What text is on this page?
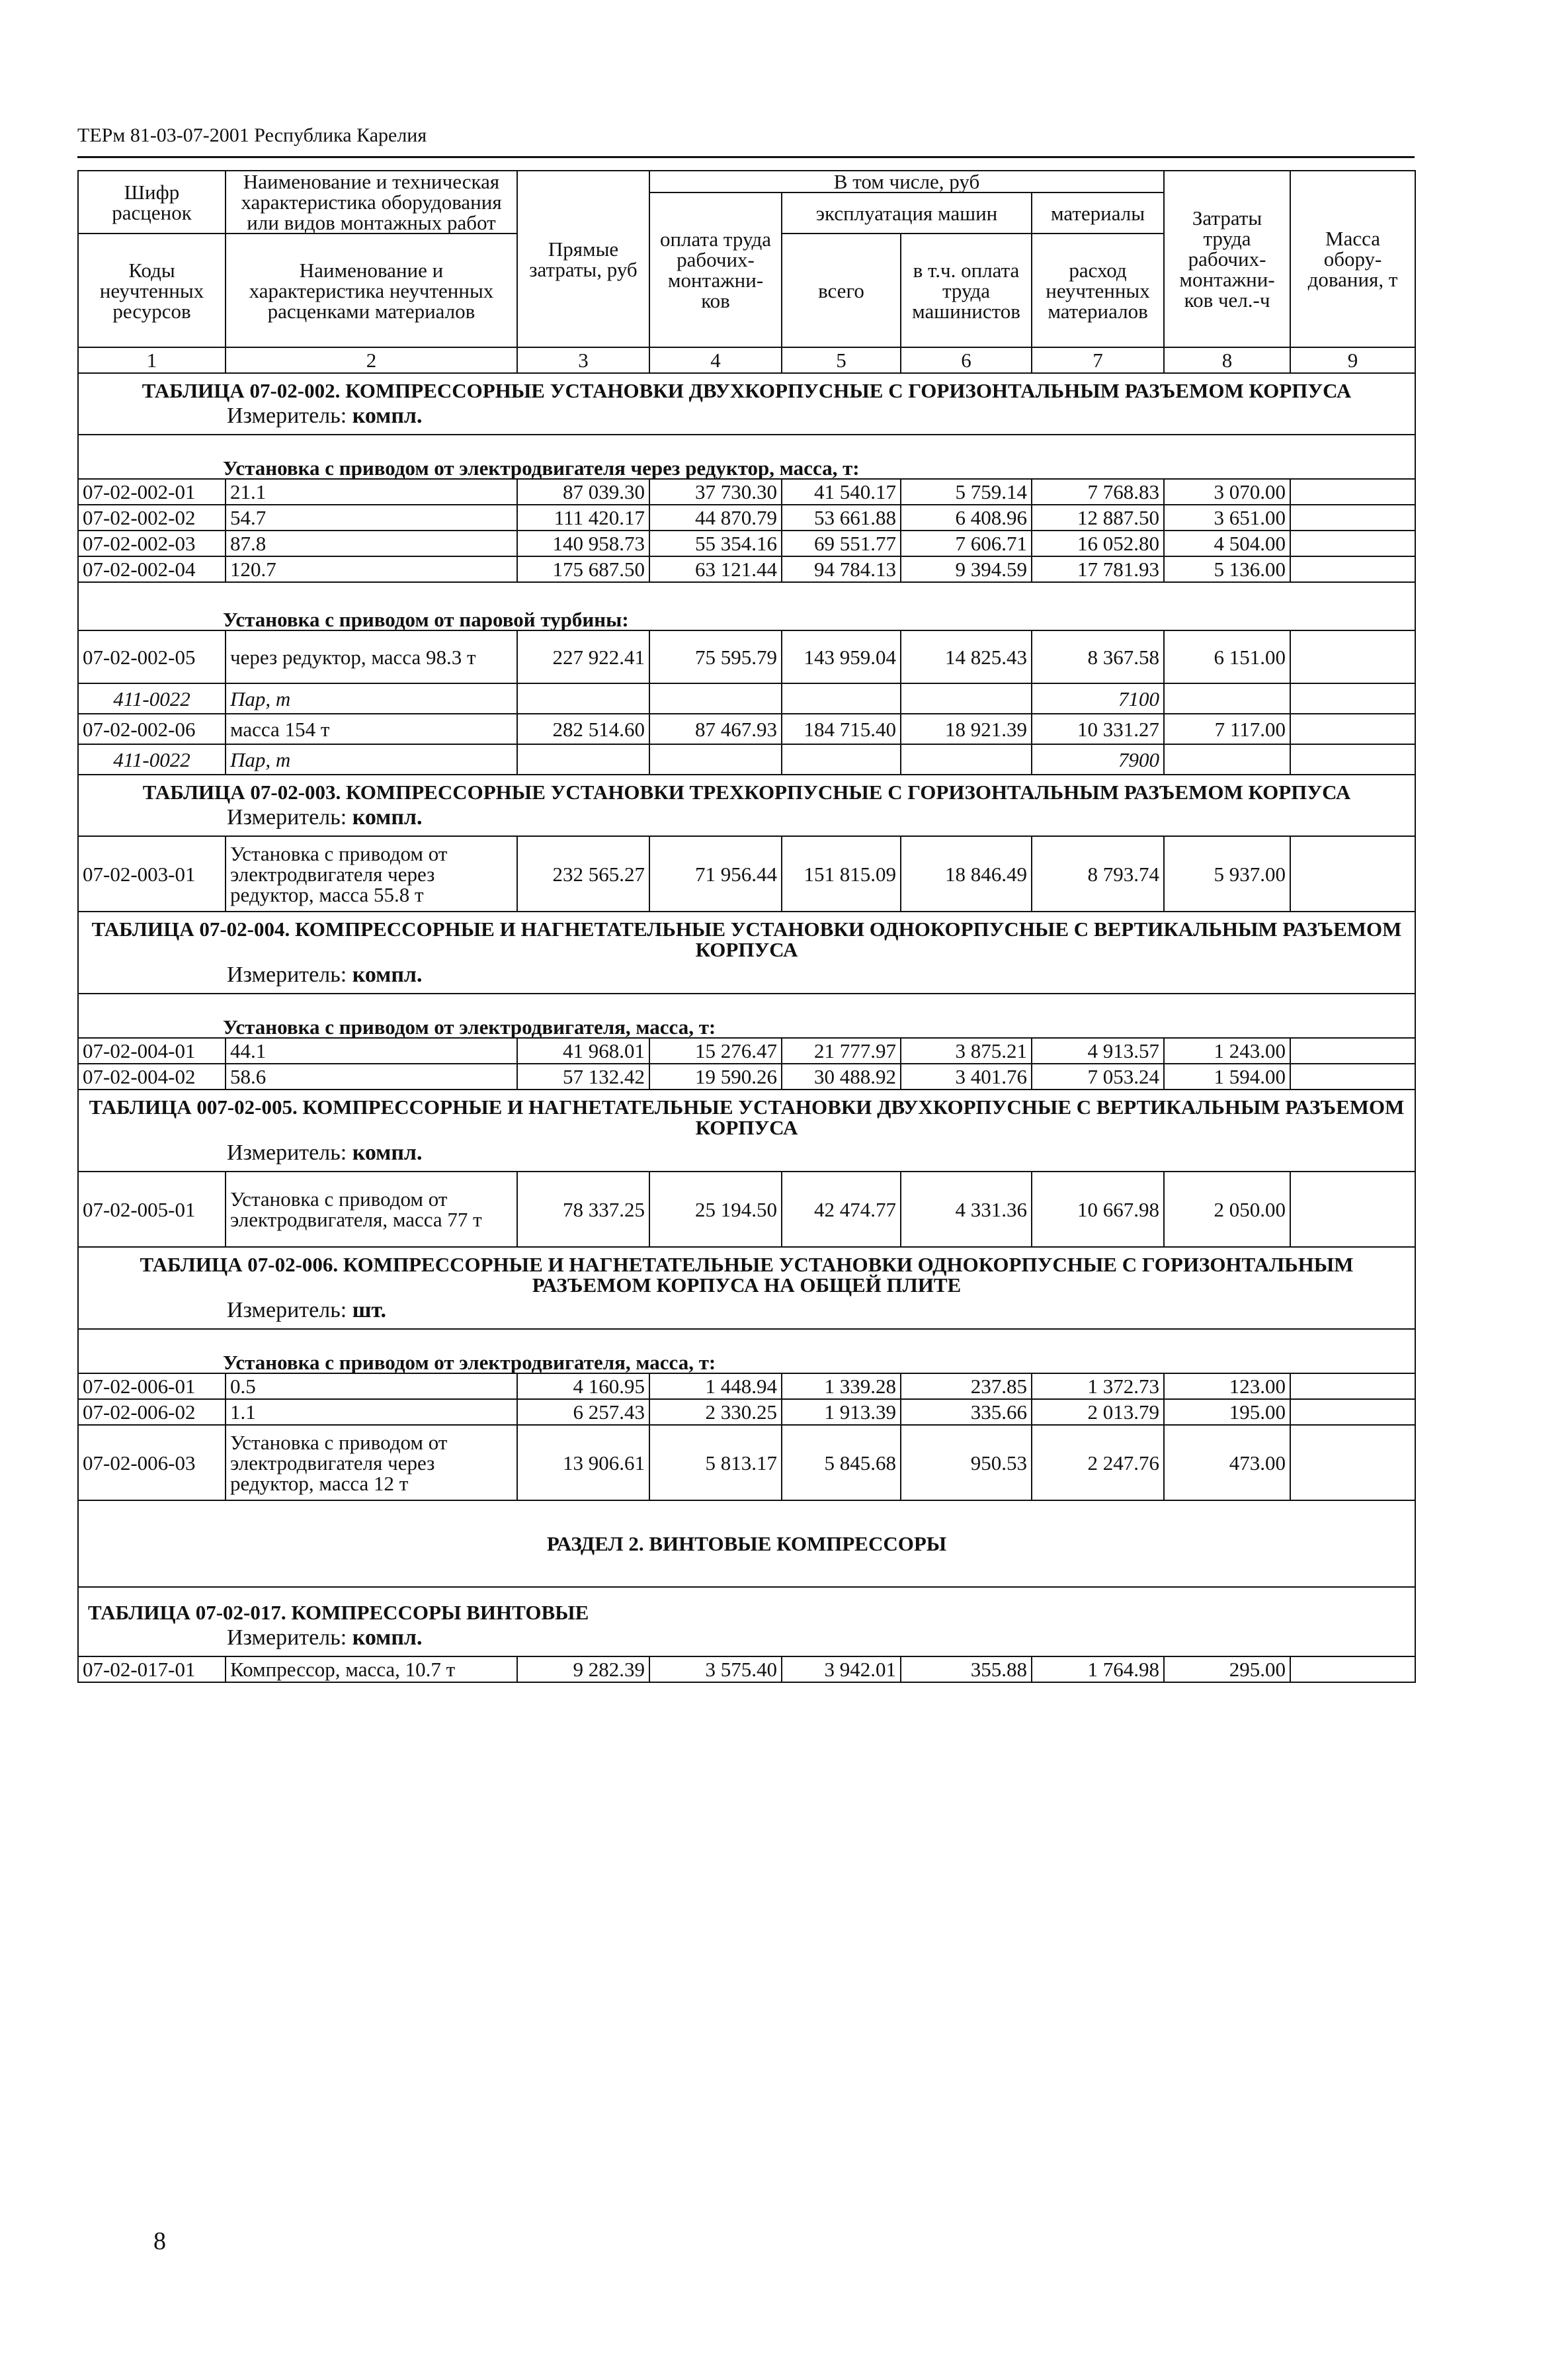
ТЕРм 81-03-07-2001 Республика Карелия
Шифр расценок	Наименование и техническая характеристика оборудования или видов монтажных работ	Прямые затраты, руб	В том числе, руб				Затраты труда рабочих-монтажни-ков чел.-ч	Масса обору-дования, т
			оплата труда рабочих-монтажни-ков	эксплуатация машин		материалы		
Коды неучтенных ресурсов	Наименование и характеристика неучтенных расценками материалов			всего	в т.ч. оплата труда машинистов	расход неучтенных материалов		

1	2	3	4	5	6	7	8	9

ТАБЛИЦА 07-02-002. КОМПРЕССОРНЫЕ УСТАНОВКИ ДВУХКОРПУСНЫЕ С ГОРИЗОНТАЛЬНЫМ РАЗЪЕМОМ КОРПУСА
Измеритель: компл.								

Установка с приводом от электродвигателя через редуктор, масса, т:								
07-02-002-01	21.1	87 039.30	37 730.30	41 540.17	5 759.14	7 768.83	3 070.00	
07-02-002-02	54.7	111 420.17	44 870.79	53 661.88	6 408.96	12 887.50	3 651.00	
07-02-002-03	87.8	140 958.73	55 354.16	69 551.77	7 606.71	16 052.80	4 504.00	
07-02-002-04	120.7	175 687.50	63 121.44	94 784.13	9 394.59	17 781.93	5 136.00	
Установка с приводом от паровой турбины:								
07-02-002-05	через редуктор, масса 98.3 т	227 922.41	75 595.79	143 959.04	14 825.43	8 367.58	6 151.00	
411-0022	Пар, т					7100		
07-02-002-06	масса 154 т	282 514.60	87 467.93	184 715.40	18 921.39	10 331.27	7 117.00	
411-0022	Пар, т					7900		

ТАБЛИЦА 07-02-003. КОМПРЕССОРНЫЕ УСТАНОВКИ ТРЕХКОРПУСНЫЕ С ГОРИЗОНТАЛЬНЫМ РАЗЪЕМОМ КОРПУСА
Измеритель: компл.								

07-02-003-01	Установка с приводом от электродвигателя через редуктор, масса 55.8 т	232 565.27	71 956.44	151 815.09	18 846.49	8 793.74	5 937.00	

ТАБЛИЦА 07-02-004. КОМПРЕССОРНЫЕ И НАГНЕТАТЕЛЬНЫЕ УСТАНОВКИ ОДНОКОРПУСНЫЕ С ВЕРТИКАЛЬНЫМ РАЗЪЕМОМ КОРПУСА
Измеритель: компл.								

Установка с приводом от электродвигателя, масса, т:								
07-02-004-01	44.1	41 968.01	15 276.47	21 777.97	3 875.21	4 913.57	1 243.00	
07-02-004-02	58.6	57 132.42	19 590.26	30 488.92	3 401.76	7 053.24	1 594.00	

ТАБЛИЦА 007-02-005. КОМПРЕССОРНЫЕ И НАГНЕТАТЕЛЬНЫЕ УСТАНОВКИ ДВУХКОРПУСНЫЕ С ВЕРТИКАЛЬНЫМ РАЗЪЕМОМ КОРПУСА
Измеритель: компл.								

07-02-005-01	Установка с приводом от электродвигателя, масса 77 т	78 337.25	25 194.50	42 474.77	4 331.36	10 667.98	2 050.00	

ТАБЛИЦА 07-02-006. КОМПРЕССОРНЫЕ И НАГНЕТАТЕЛЬНЫЕ УСТАНОВКИ ОДНОКОРПУСНЫЕ С ГОРИЗОНТАЛЬНЫМ РАЗЪЕМОМ КОРПУСА НА ОБЩЕЙ ПЛИТЕ
Измеритель: шт.								

Установка с приводом от электродвигателя, масса, т:								
07-02-006-01	0.5	4 160.95	1 448.94	1 339.28	237.85	1 372.73	123.00	
07-02-006-02	1.1	6 257.43	2 330.25	1 913.39	335.66	2 013.79	195.00	
07-02-006-03	Установка с приводом от электродвигателя через редуктор, масса 12 т	13 906.61	5 813.17	5 845.68	950.53	2 247.76	473.00	
РАЗДЕЛ 2. ВИНТОВЫЕ КОМПРЕССОРЫ								
ТАБЛИЦА 07-02-017. КОМПРЕССОРЫ ВИНТОВЫЕ
Измеритель: компл.								

07-02-017-01	Компрессор, масса, 10.7 т	9 282.39	3 575.40	3 942.01	355.88	1 764.98	295.00	
8
